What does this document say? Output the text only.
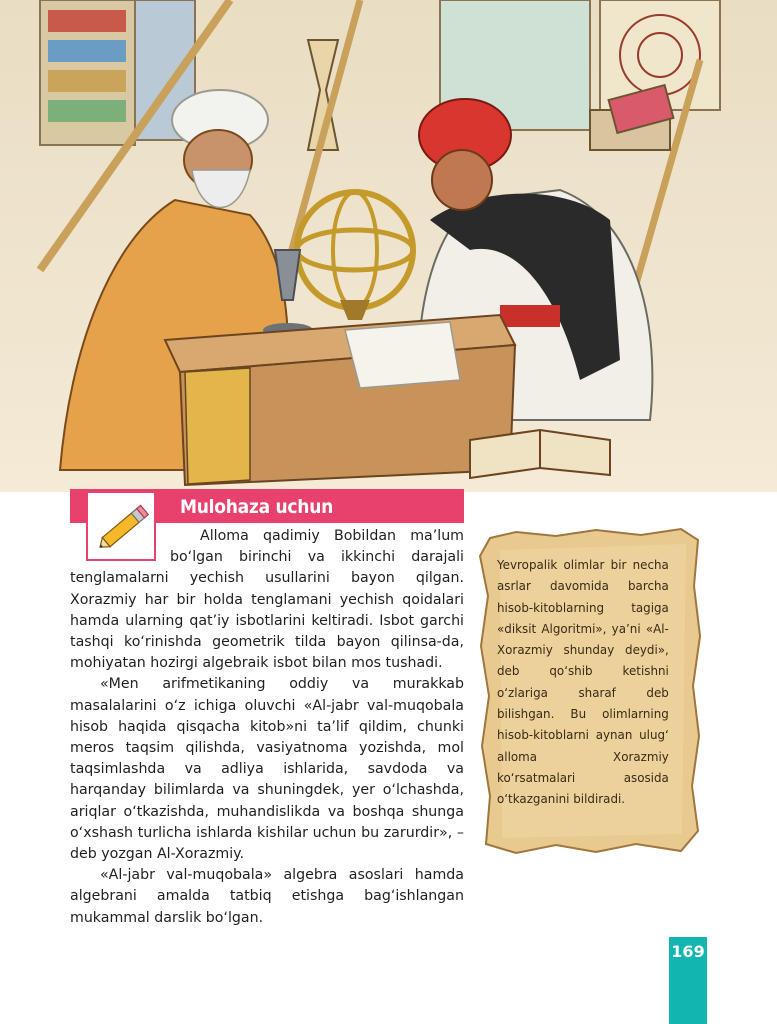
Mulohaza uchun

Alloma qadimiy Bobildan ma’lum bo‘lgan birinchi va ikkinchi darajali tenglamalarni yechish usullarini bayon qilgan. Xorazmiy har bir holda tenglamani yechish qoidalari hamda ularning qat’iy isbotlarini keltiradi. Isbot garchi tashqi ko‘rinishda geometrik tilda bayon qilinsa-da, mohiyatan hozirgi algebraik isbot bilan mos tushadi.

«Men arifmetikaning oddiy va murakkab masalalarini o‘z ichiga oluvchi «Al-jabr val-muqobala hisob haqida qisqacha kitob»ni ta’lif qildim, chunki meros taqsim qilishda, vasiyatnoma yozishda, mol taqsimlashda va adliya ishlarida, savdoda va harqanday bilimlarda va shuningdek, yer o‘lchashda, ariqlar o‘tkazishda, muhandislikda va boshqa shunga o‘xshash turlicha ishlarda kishilar uchun bu zarurdir», – deb yozgan Al-Xorazmiy.

«Al-jabr val-muqobala» algebra asoslari hamda algebrani amalda tatbiq etishga bag‘ishlangan mukammal darslik bo‘lgan.

Yevropalik olimlar bir necha asrlar davomida barcha hisob-kitoblarning tagiga «diksit Algoritmi», ya’ni «Al-Xorazmiy shunday deydi», deb qo‘shib ketishni o‘zlariga sharaf deb bilishgan. Bu olimlarning hisob-kitoblarni aynan ulug‘ alloma Xorazmiy ko‘rsatmalari asosida o‘tkazganini bildiradi.
169
